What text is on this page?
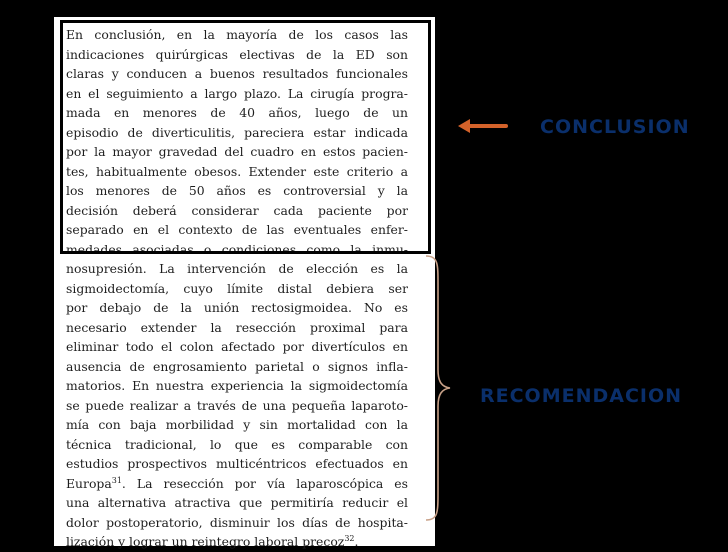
En conclusión, en la mayoría de los casos las
indicaciones quirúrgicas electivas de la ED son
claras y conducen a buenos resultados funcionales
en el seguimiento a largo plazo. La cirugía progra-
mada en menores de 40 años, luego de un
episodio de diverticulitis, pareciera estar indicada
por la mayor gravedad del cuadro en estos pacien-
tes, habitualmente obesos. Extender este criterio a
los menores de 50 años es controversial y la
decisión deberá considerar cada paciente por
separado en el contexto de las eventuales enfer-
medades asociadas o condiciones como la inmu-
nosupresión. La intervención de elección es la
sigmoidectomía, cuyo límite distal debiera ser
por debajo de la unión rectosigmoidea. No es
necesario extender la resección proximal para
eliminar todo el colon afectado por divertículos en
ausencia de engrosamiento parietal o signos infla-
matorios. En nuestra experiencia la sigmoidectomía
se puede realizar a través de una pequeña laparoto-
mía con baja morbilidad y sin mortalidad con la
técnica tradicional, lo que es comparable con
estudios prospectivos multicéntricos efectuados en
Europa$^{31}$. La resección por vía laparoscópica es
una alternativa atractiva que permitiría reducir el
dolor postoperatorio, disminuir los días de hospita-
lización y lograr un reintegro laboral precoz$^{32}$.
CONCLUSION
RECOMENDACION
